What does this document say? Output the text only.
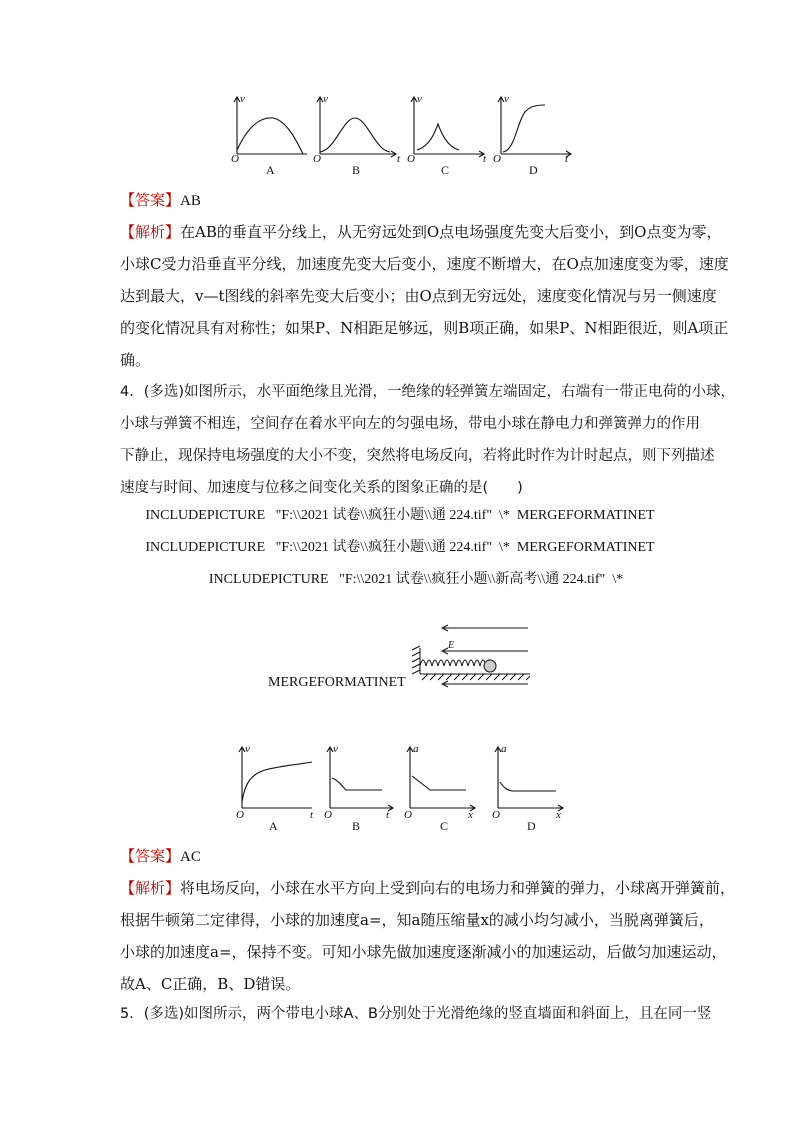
v	v	v	v
t	t	t
O	O	O	O
A	B	C	D
【答案】AB
【解析】在AB的垂直平分线上，从无穷远处到O点电场强度先变大后变小，到O点变为零，
小球C受力沿垂直平分线，加速度先变大后变小，速度不断增大，在O点加速度变为零，速度
达到最大，v—t图线的斜率先变大后变小；由O点到无穷远处，速度变化情况与另一侧速度
的变化情况具有对称性；如果P、N相距足够远，则B项正确，如果P、N相距很近，则A项正
确。
4．(多选)如图所示，水平面绝缘且光滑，一绝缘的轻弹簧左端固定，右端有一带正电荷的小球，
小球与弹簧不相连，空间存在着水平向左的匀强电场，带电小球在静电力和弹簧弹力的作用
下静止，现保持电场强度的大小不变，突然将电场反向，若将此时作为计时起点，则下列描述
速度与时间、加速度与位移之间变化关系的图象正确的是(　　)
INCLUDEPICTURE   "F:\\2021 试卷\\疯狂小题\\通 224.tif"  \*  MERGEFORMATINET
INCLUDEPICTURE   "F:\\2021 试卷\\疯狂小题\\通 224.tif"  \*  MERGEFORMATINET
INCLUDEPICTURE   "F:\\2021 试卷\\疯狂小题\\新高考\\通 224.tif"  \*
MERGEFORMATINET
E
v	v	a	a
t	t	x	x
O	O	O	O
A	B	C	D
【答案】AC
【解析】将电场反向，小球在水平方向上受到向右的电场力和弹簧的弹力，小球离开弹簧前，
根据牛顿第二定律得，小球的加速度a=，知a随压缩量x的减小均匀减小，当脱离弹簧后，
小球的加速度a=，保持不变。可知小球先做加速度逐渐减小的加速运动，后做匀加速运动，
故A、C正确，B、D错误。
5．(多选)如图所示，两个带电小球A、B分别处于光滑绝缘的竖直墙面和斜面上，且在同一竖
